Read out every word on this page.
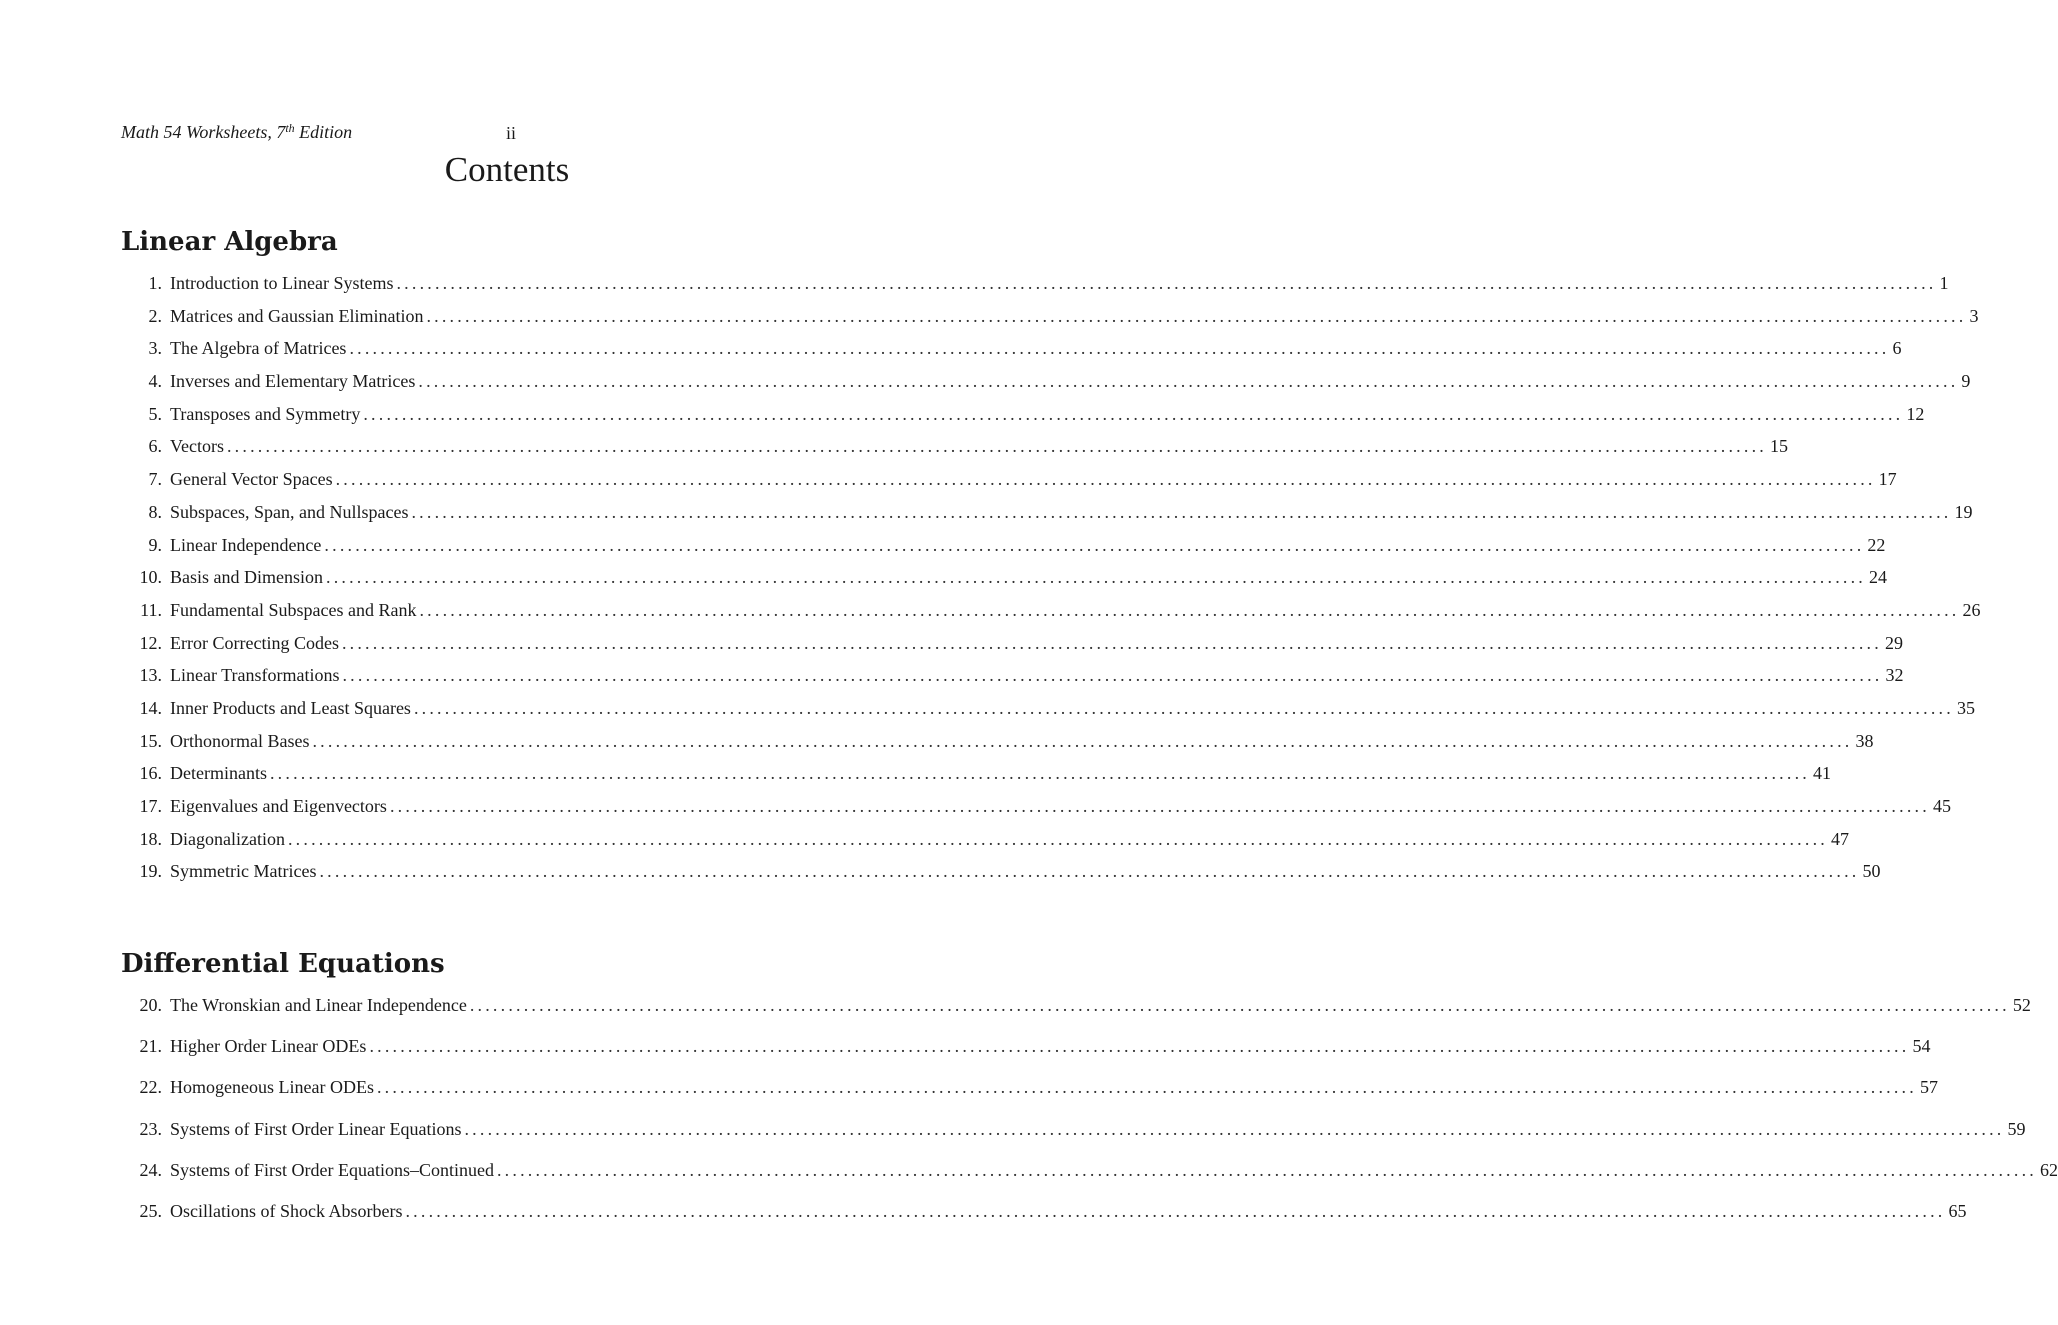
Math 54 Worksheets, 7th Edition	ii
Contents
Linear Algebra
1. Introduction to Linear Systems ........................................................................................................................................................................................................ 1
2. Matrices and Gaussian Elimination ........................................................................................................................................................................................................ 3
3. The Algebra of Matrices ........................................................................................................................................................................................................ 6
4. Inverses and Elementary Matrices ........................................................................................................................................................................................................ 9
5. Transposes and Symmetry ........................................................................................................................................................................................................ 12
6. Vectors ........................................................................................................................................................................................................ 15
7. General Vector Spaces ........................................................................................................................................................................................................ 17
8. Subspaces, Span, and Nullspaces ........................................................................................................................................................................................................ 19
9. Linear Independence ........................................................................................................................................................................................................ 22
10. Basis and Dimension ........................................................................................................................................................................................................ 24
11. Fundamental Subspaces and Rank ........................................................................................................................................................................................................ 26
12. Error Correcting Codes ........................................................................................................................................................................................................ 29
13. Linear Transformations ........................................................................................................................................................................................................ 32
14. Inner Products and Least Squares ........................................................................................................................................................................................................ 35
15. Orthonormal Bases ........................................................................................................................................................................................................ 38
16. Determinants ........................................................................................................................................................................................................ 41
17. Eigenvalues and Eigenvectors ........................................................................................................................................................................................................ 45
18. Diagonalization ........................................................................................................................................................................................................ 47
19. Symmetric Matrices ........................................................................................................................................................................................................ 50
Differential Equations
20. The Wronskian and Linear Independence ........................................................................................................................................................................................................ 52
21. Higher Order Linear ODEs ........................................................................................................................................................................................................ 54
22. Homogeneous Linear ODEs ........................................................................................................................................................................................................ 57
23. Systems of First Order Linear Equations ........................................................................................................................................................................................................ 59
24. Systems of First Order Equations–Continued ........................................................................................................................................................................................................ 62
25. Oscillations of Shock Absorbers ........................................................................................................................................................................................................ 65
